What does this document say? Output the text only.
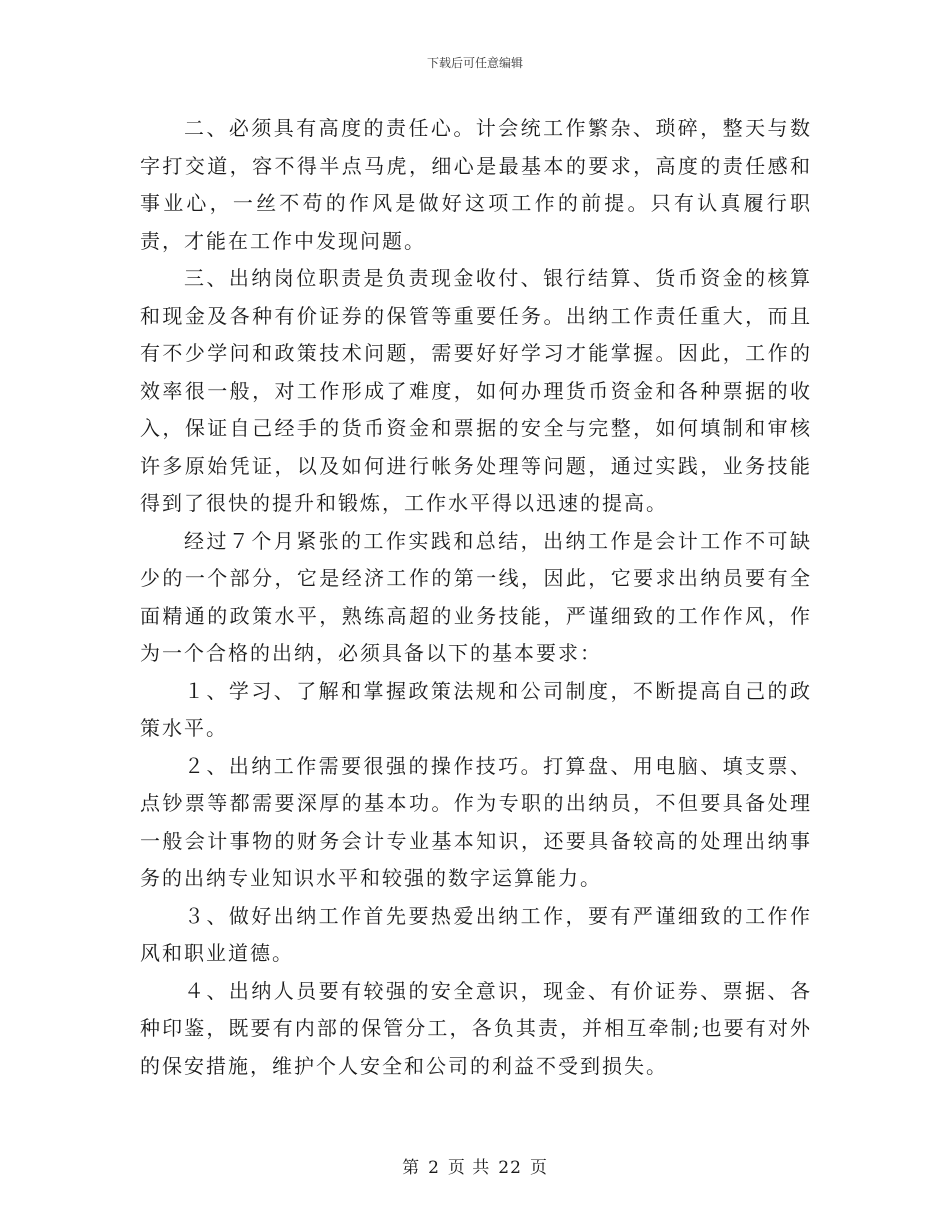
下载后可任意编辑

二、必须具有高度的责任心。计会统工作繁杂、琐碎，整天与数字打交道，容不得半点马虎，细心是最基本的要求，高度的责任感和事业心，一丝不苟的作风是做好这项工作的前提。只有认真履行职责，才能在工作中发现问题。

三、出纳岗位职责是负责现金收付、银行结算、货币资金的核算和现金及各种有价证券的保管等重要任务。出纳工作责任重大，而且有不少学问和政策技术问题，需要好好学习才能掌握。因此，工作的效率很一般，对工作形成了难度，如何办理货币资金和各种票据的收入，保证自己经手的货币资金和票据的安全与完整，如何填制和审核许多原始凭证，以及如何进行帐务处理等问题，通过实践，业务技能得到了很快的提升和锻炼，工作水平得以迅速的提高。

经过７个月紧张的工作实践和总结，出纳工作是会计工作不可缺少的一个部分，它是经济工作的第一线，因此，它要求出纳员要有全面精通的政策水平，熟练高超的业务技能，严谨细致的工作作风，作为一个合格的出纳，必须具备以下的基本要求：

１、学习、了解和掌握政策法规和公司制度，不断提高自己的政策水平。

２、出纳工作需要很强的操作技巧。打算盘、用电脑、填支票、点钞票等都需要深厚的基本功。作为专职的出纳员，不但要具备处理一般会计事物的财务会计专业基本知识，还要具备较高的处理出纳事务的出纳专业知识水平和较强的数字运算能力。

３、做好出纳工作首先要热爱出纳工作，要有严谨细致的工作作风和职业道德。

４、出纳人员要有较强的安全意识，现金、有价证券、票据、各种印鉴，既要有内部的保管分工，各负其责，并相互牵制;也要有对外的保安措施，维护个人安全和公司的利益不受到损失。

第 2 页 共 22 页
